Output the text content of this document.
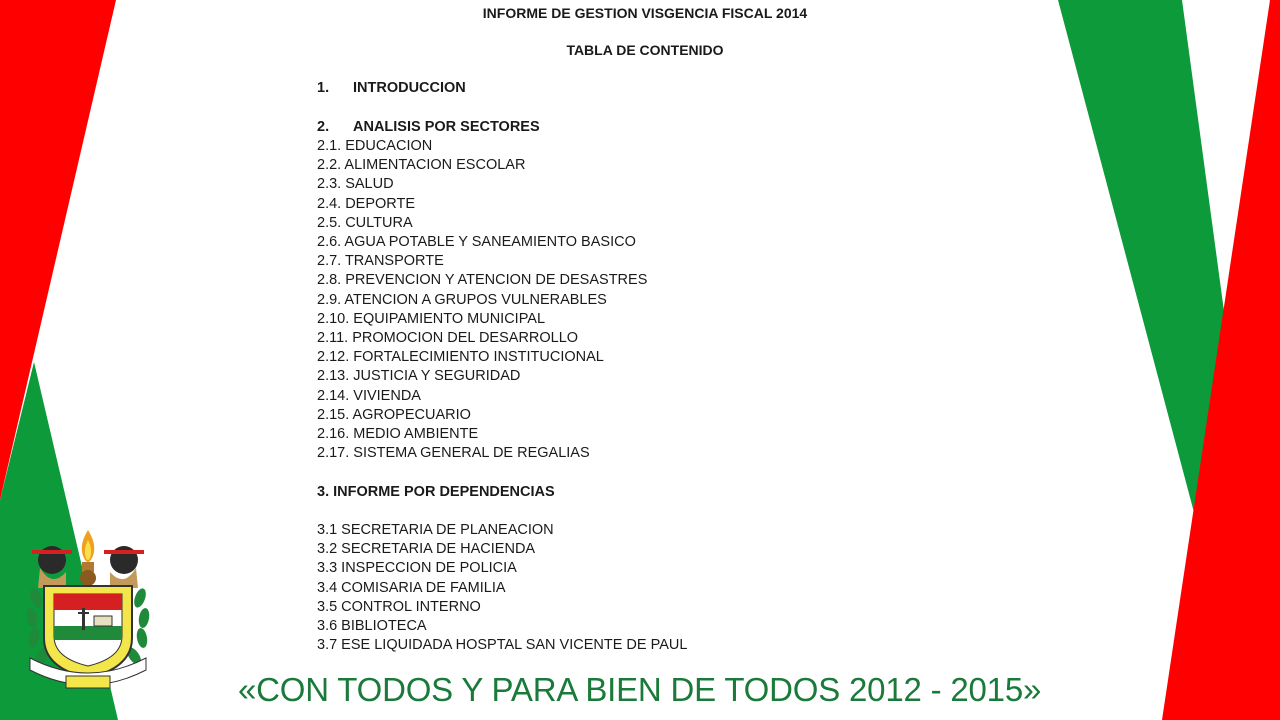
INFORME DE GESTION VISGENCIA FISCAL 2014
TABLA DE CONTENIDO
1. INTRODUCCION
2. ANALISIS POR SECTORES
2.1. EDUCACION
2.2. ALIMENTACION ESCOLAR
2.3. SALUD
2.4. DEPORTE
2.5. CULTURA
2.6. AGUA POTABLE Y SANEAMIENTO BASICO
2.7. TRANSPORTE
2.8. PREVENCION Y ATENCION DE DESASTRES
2.9. ATENCION A GRUPOS VULNERABLES
2.10. EQUIPAMIENTO MUNICIPAL
2.11. PROMOCION DEL DESARROLLO
2.12. FORTALECIMIENTO INSTITUCIONAL
2.13. JUSTICIA Y SEGURIDAD
2.14. VIVIENDA
2.15. AGROPECUARIO
2.16. MEDIO AMBIENTE
2.17. SISTEMA GENERAL DE REGALIAS
3. INFORME POR DEPENDENCIAS
3.1 SECRETARIA DE PLANEACION
3.2 SECRETARIA DE HACIENDA
3.3 INSPECCION DE POLICIA
3.4 COMISARIA DE FAMILIA
3.5 CONTROL INTERNO
3.6 BIBLIOTECA
3.7 ESE LIQUIDADA HOSPTAL SAN VICENTE DE PAUL
«CON TODOS Y PARA BIEN DE TODOS 2012 - 2015»
